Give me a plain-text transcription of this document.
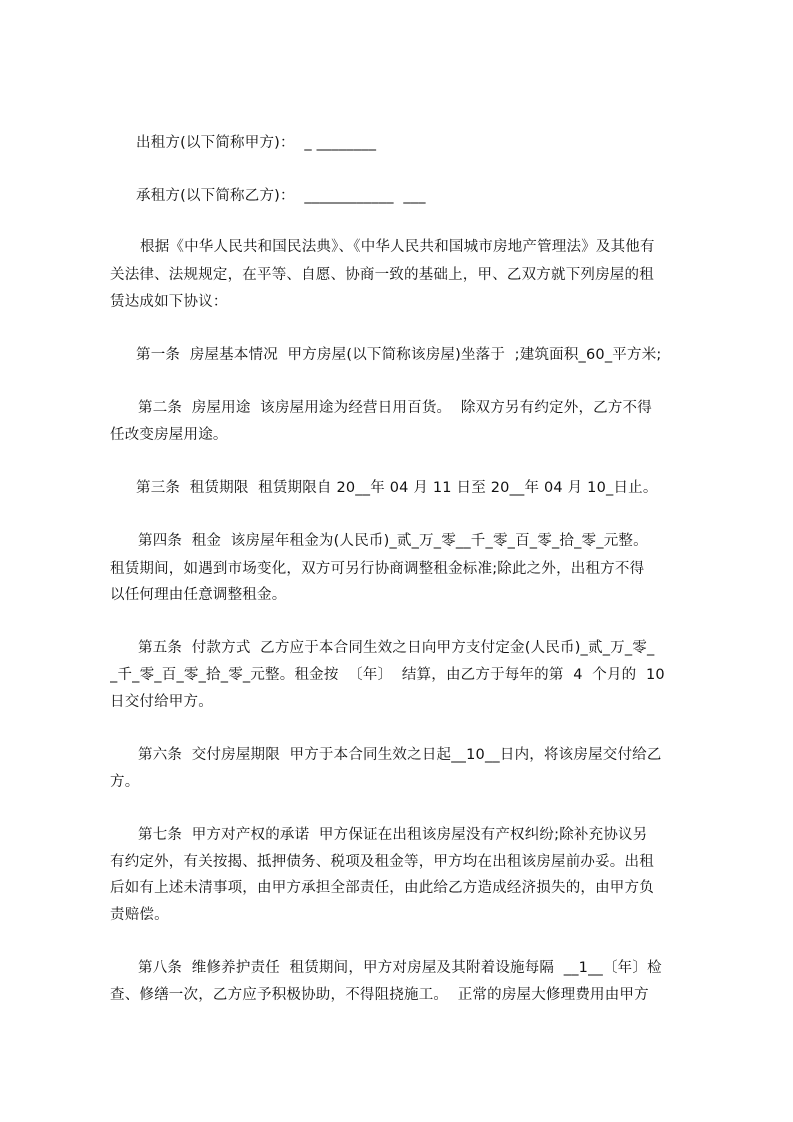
出租方(以下简称甲方)：  _ ________
承租方(以下简称乙方)：  ____________  ___
根据《中华人民共和国民法典》、《中华人民共和国城市房地产管理法》及其他有
关法律、法规规定，在平等、自愿、协商一致的基础上，甲、乙双方就下列房屋的租
赁达成如下协议：
第一条  房屋基本情况  甲方房屋(以下简称该房屋)坐落于  ;建筑面积_60_平方米;
第二条  房屋用途  该房屋用途为经营日用百货。  除双方另有约定外，乙方不得
任改变房屋用途。
第三条  租赁期限  租赁期限自 20__年 04 月 11 日至 20__年 04 月 10_日止。
第四条  租金  该房屋年租金为(人民币)_贰_万_零__千_零_百_零_拾_零_元整。
租赁期间，如遇到市场变化，双方可另行协商调整租金标准;除此之外，出租方不得
以任何理由任意调整租金。
第五条  付款方式  乙方应于本合同生效之日向甲方支付定金(人民币)_贰_万_零_
_千_零_百_零_拾_零_元整。租金按  〔年〕  结算，由乙方于每年的第  4  个月的  10
日交付给甲方。
第六条  交付房屋期限  甲方于本合同生效之日起__10__日内，将该房屋交付给乙
方。
第七条  甲方对产权的承诺  甲方保证在出租该房屋没有产权纠纷;除补充协议另
有约定外，有关按揭、抵押债务、税项及租金等，甲方均在出租该房屋前办妥。出租
后如有上述未清事项，由甲方承担全部责任，由此给乙方造成经济损失的，由甲方负
责赔偿。
第八条  维修养护责任  租赁期间，甲方对房屋及其附着设施每隔  __1__〔年〕检
查、修缮一次，乙方应予积极协助，不得阻挠施工。  正常的房屋大修理费用由甲方
